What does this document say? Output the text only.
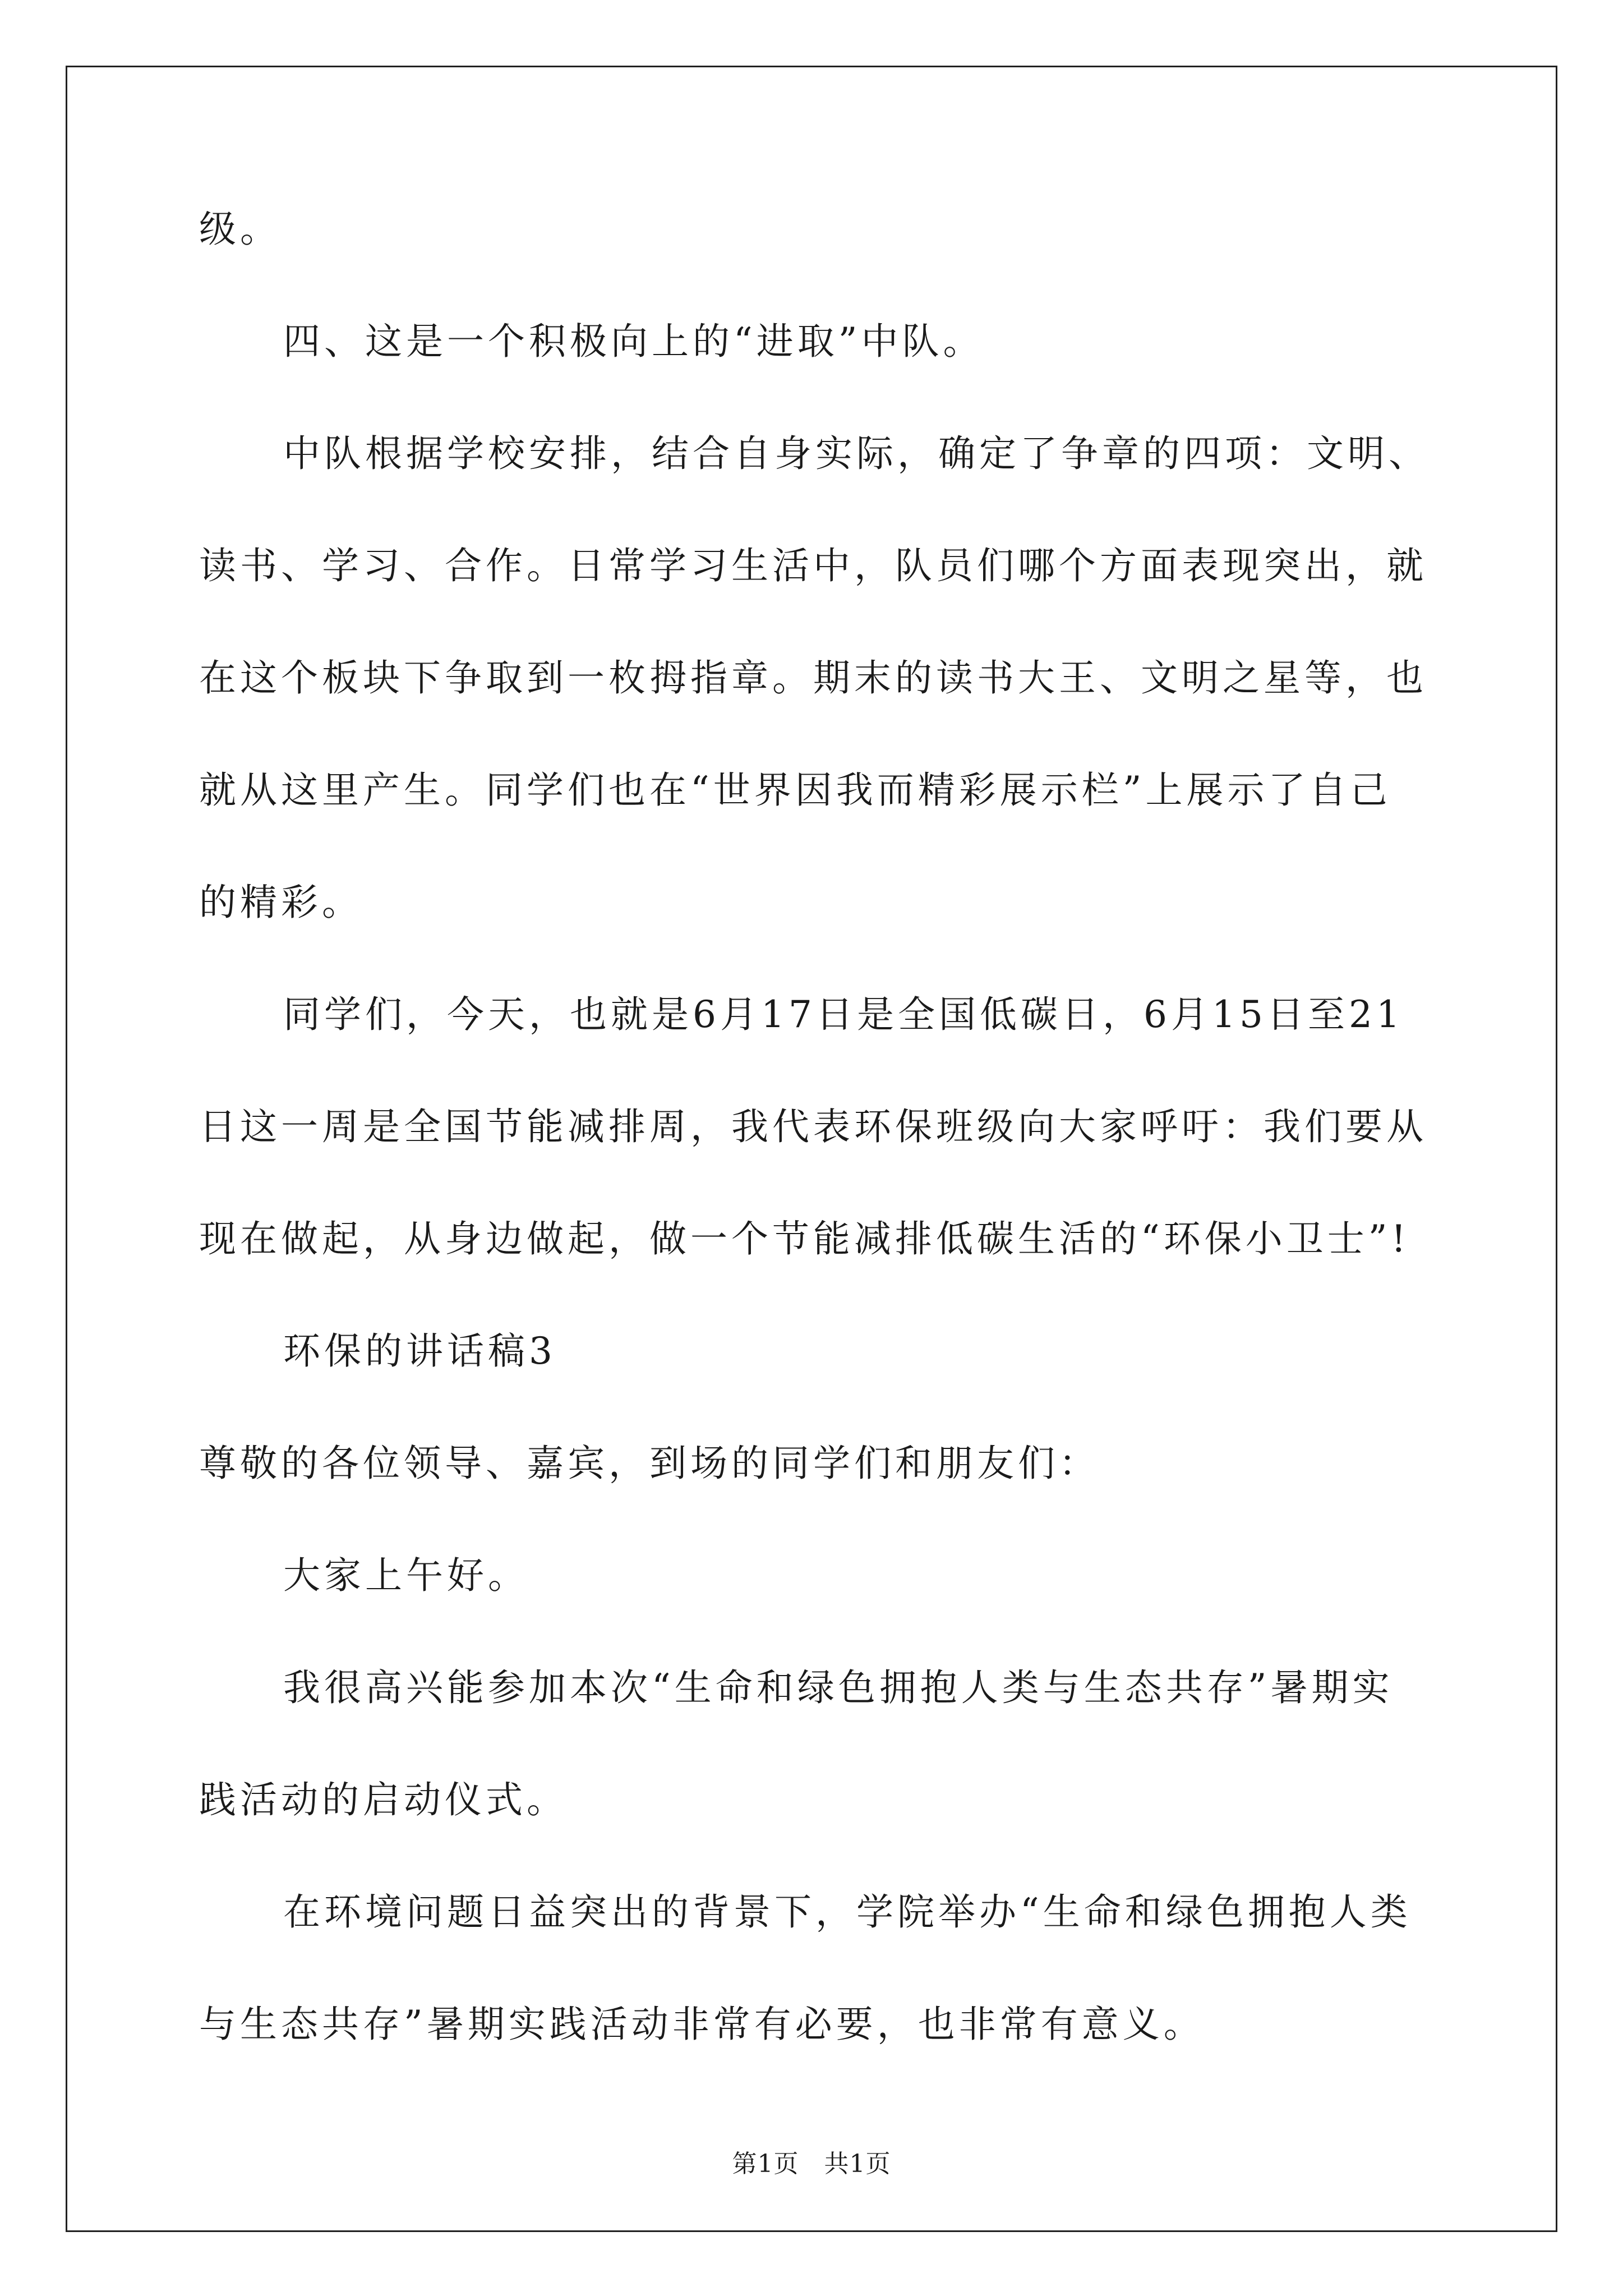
级。
四、这是一个积极向上的“进取”中队。
中队根据学校安排，结合自身实际，确定了争章的四项：文明、
读书、学习、合作。日常学习生活中，队员们哪个方面表现突出，就
在这个板块下争取到一枚拇指章。期末的读书大王、文明之星等，也
就从这里产生。同学们也在“世界因我而精彩展示栏”上展示了自己
的精彩。
同学们，今天，也就是6月17日是全国低碳日，6月15日至21
日这一周是全国节能减排周，我代表环保班级向大家呼吁：我们要从
现在做起，从身边做起，做一个节能减排低碳生活的“环保小卫士”!
环保的讲话稿3
尊敬的各位领导、嘉宾，到场的同学们和朋友们：
大家上午好。
我很高兴能参加本次“生命和绿色拥抱人类与生态共存”暑期实
践活动的启动仪式。
在环境问题日益突出的背景下，学院举办“生命和绿色拥抱人类
与生态共存”暑期实践活动非常有必要，也非常有意义。
第1页　共1页
